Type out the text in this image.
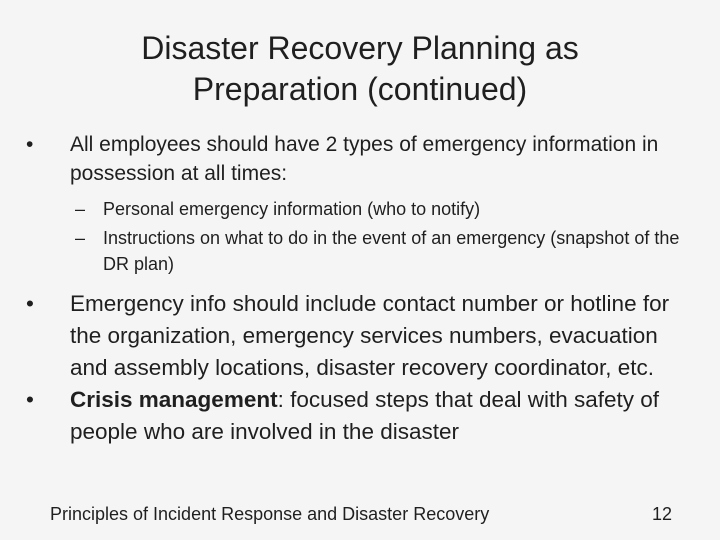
Disaster Recovery Planning as Preparation (continued)
• All employees should have 2 types of emergency information in possession at all times:
– Personal emergency information (who to notify)
– Instructions on what to do in the event of an emergency (snapshot of the DR plan)
• Emergency info should include contact number or hotline for the organization, emergency services numbers, evacuation and assembly locations, disaster recovery coordinator, etc.
• Crisis management: focused steps that deal with safety of people who are involved in the disaster
Principles of Incident Response and Disaster Recovery	12
